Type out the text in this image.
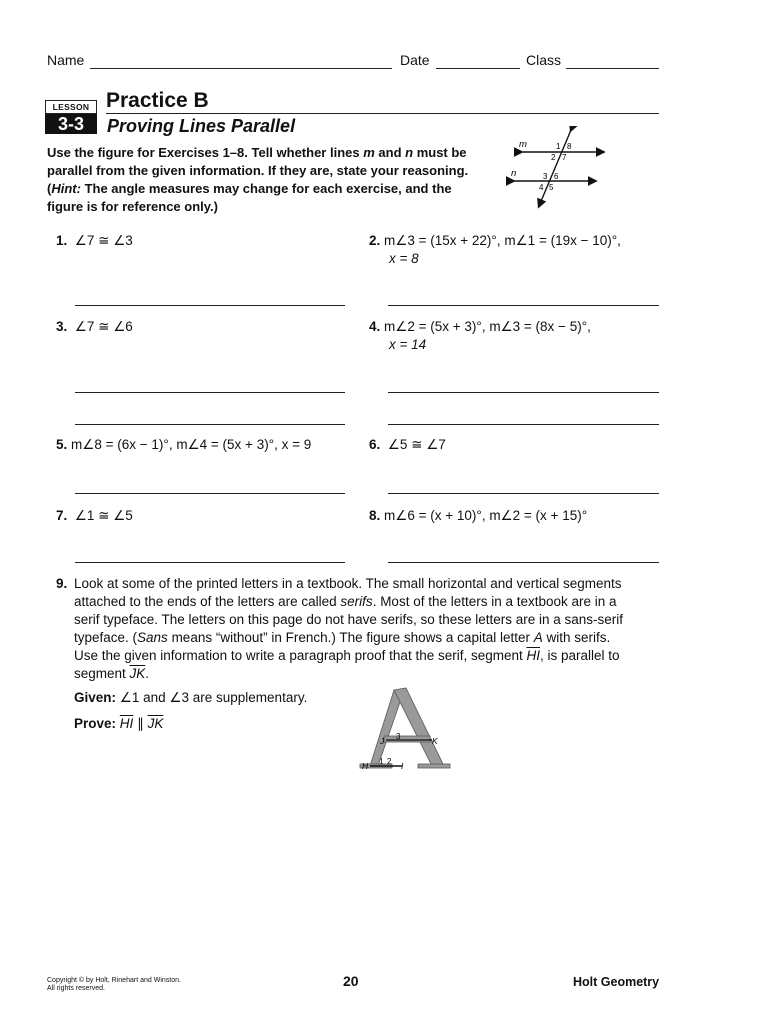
Name	Date	Class
LESSON
3-3
Practice B
Proving Lines Parallel
Use the figure for Exercises 1–8. Tell whether lines m and n must be parallel from the given information. If they are, state your reasoning. (Hint: The angle measures may change for each exercise, and the figure is for reference only.)
m
n
1 8
2 7
3 6
4 5
1. ∠7 ≅ ∠3	2. m∠3 = (15x + 22)°, m∠1 = (19x − 10)°,
x = 8
3. ∠7 ≅ ∠6	4. m∠2 = (5x + 3)°, m∠3 = (8x − 5)°,
x = 14
5. m∠8 = (6x − 1)°, m∠4 = (5x + 3)°, x = 9	6. ∠5 ≅ ∠7
7. ∠1 ≅ ∠5	8. m∠6 = (x + 10)°, m∠2 = (x + 15)°
9. Look at some of the printed letters in a textbook. The small horizontal and vertical segments attached to the ends of the letters are called serifs. Most of the letters in a textbook are in a serif typeface. The letters on this page do not have serifs, so these letters are in a sans-serif typeface. (Sans means “without” in French.) The figure shows a capital letter A with serifs. Use the given information to write a paragraph proof that the serif, segment $\overline{HI}$, is parallel to segment $\overline{JK}$.
Given: ∠1 and ∠3 are supplementary.
Prove: $\overline{HI}$ ∥ $\overline{JK}$
J 3	K
H 1 2 I
Copyright © by Holt, Rinehart and Winston.
All rights reserved.	20	Holt Geometry
